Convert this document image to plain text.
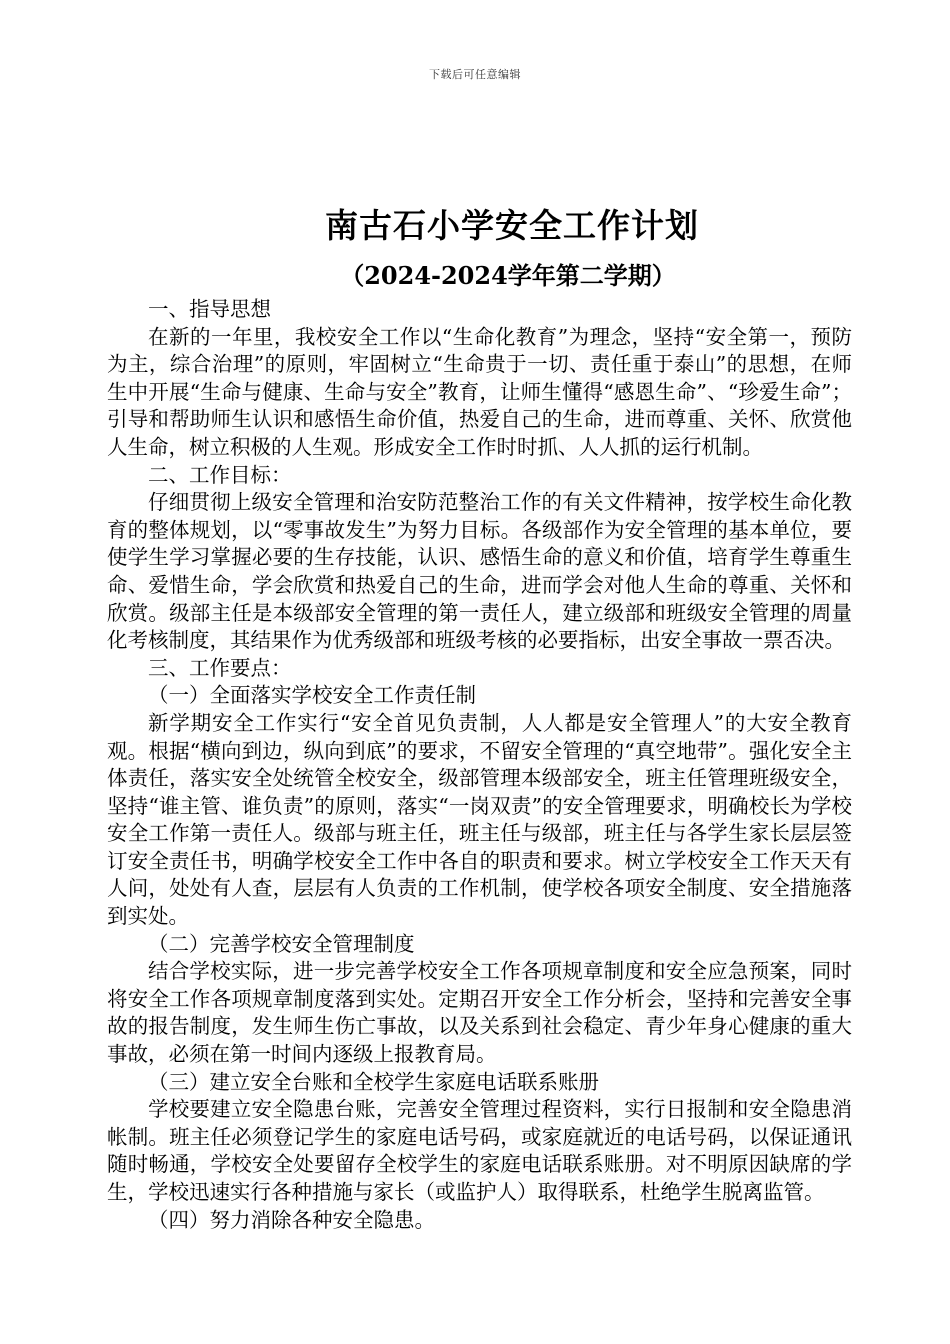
下载后可任意编辑
南古石小学安全工作计划
（2024-2024学年第二学期）

一、指导思想

在新的一年里，我校安全工作以“生命化教育”为理念，坚持“安全第一，预防为主，综合治理”的原则，牢固树立“生命贵于一切、责任重于泰山”的思想，在师生中开展“生命与健康、生命与安全”教育，让师生懂得“感恩生命”、“珍爱生命”；引导和帮助师生认识和感悟生命价值，热爱自己的生命，进而尊重、关怀、欣赏他人生命，树立积极的人生观。形成安全工作时时抓、人人抓的运行机制。

二、工作目标：

仔细贯彻上级安全管理和治安防范整治工作的有关文件精神，按学校生命化教育的整体规划，以“零事故发生”为努力目标。各级部作为安全管理的基本单位，要使学生学习掌握必要的生存技能，认识、感悟生命的意义和价值，培育学生尊重生命、爱惜生命，学会欣赏和热爱自己的生命，进而学会对他人生命的尊重、关怀和欣赏。级部主任是本级部安全管理的第一责任人，建立级部和班级安全管理的周量化考核制度，其结果作为优秀级部和班级考核的必要指标，出安全事故一票否决。

三、工作要点：

（一）全面落实学校安全工作责任制

新学期安全工作实行“安全首见负责制，人人都是安全管理人”的大安全教育观。根据“横向到边，纵向到底”的要求，不留安全管理的“真空地带”。强化安全主体责任，落实安全处统管全校安全，级部管理本级部安全，班主任管理班级安全，坚持“谁主管、谁负责”的原则，落实“一岗双责”的安全管理要求，明确校长为学校安全工作第一责任人。级部与班主任，班主任与级部，班主任与各学生家长层层签订安全责任书，明确学校安全工作中各自的职责和要求。树立学校安全工作天天有人问，处处有人查，层层有人负责的工作机制，使学校各项安全制度、安全措施落到实处。

（二）完善学校安全管理制度

结合学校实际，进一步完善学校安全工作各项规章制度和安全应急预案，同时将安全工作各项规章制度落到实处。定期召开安全工作分析会，坚持和完善安全事故的报告制度，发生师生伤亡事故，以及关系到社会稳定、青少年身心健康的重大事故，必须在第一时间内逐级上报教育局。

（三）建立安全台账和全校学生家庭电话联系账册

学校要建立安全隐患台账，完善安全管理过程资料，实行日报制和安全隐患消帐制。班主任必须登记学生的家庭电话号码，或家庭就近的电话号码，以保证通讯随时畅通，学校安全处要留存全校学生的家庭电话联系账册。对不明原因缺席的学生，学校迅速实行各种措施与家长（或监护人）取得联系，杜绝学生脱离监管。

（四）努力消除各种安全隐患。
